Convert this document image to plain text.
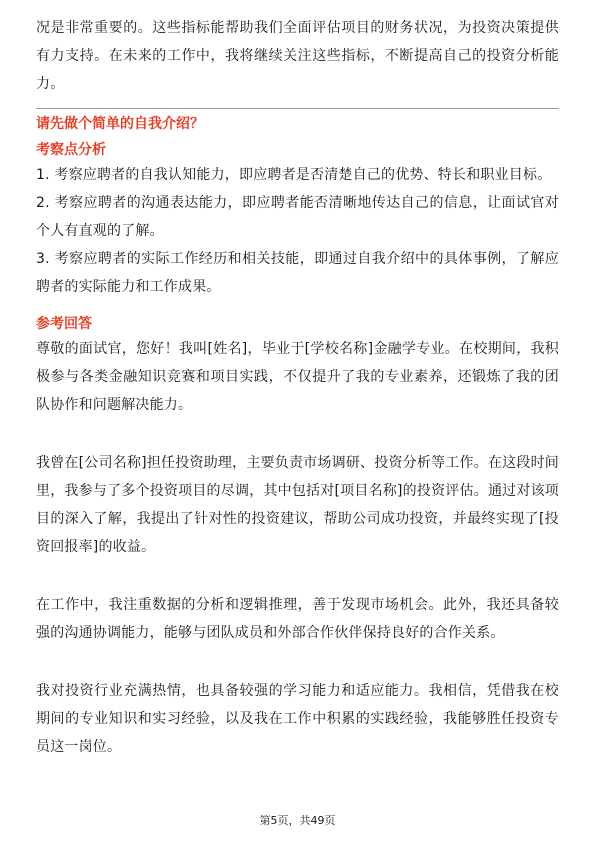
况是非常重要的。这些指标能帮助我们全面评估项目的财务状况，为投资决策提供有力支持。在未来的工作中，我将继续关注这些指标，不断提高自己的投资分析能力。

请先做个简单的自我介绍？

考察点分析

1. 考察应聘者的自我认知能力，即应聘者是否清楚自己的优势、特长和职业目标。

2. 考察应聘者的沟通表达能力，即应聘者能否清晰地传达自己的信息，让面试官对个人有直观的了解。

3. 考察应聘者的实际工作经历和相关技能，即通过自我介绍中的具体事例，了解应聘者的实际能力和工作成果。

参考回答

尊敬的面试官，您好！我叫[姓名]，毕业于[学校名称]金融学专业。在校期间，我积极参与各类金融知识竞赛和项目实践，不仅提升了我的专业素养，还锻炼了我的团队协作和问题解决能力。

我曾在[公司名称]担任投资助理，主要负责市场调研、投资分析等工作。在这段时间里，我参与了多个投资项目的尽调，其中包括对[项目名称]的投资评估。通过对该项目的深入了解，我提出了针对性的投资建议，帮助公司成功投资，并最终实现了[投资回报率]的收益。

在工作中，我注重数据的分析和逻辑推理，善于发现市场机会。此外，我还具备较强的沟通协调能力，能够与团队成员和外部合作伙伴保持良好的合作关系。

我对投资行业充满热情，也具备较强的学习能力和适应能力。我相信，凭借我在校期间的专业知识和实习经验，以及我在工作中积累的实践经验，我能够胜任投资专员这一岗位。

第5页，共49页
